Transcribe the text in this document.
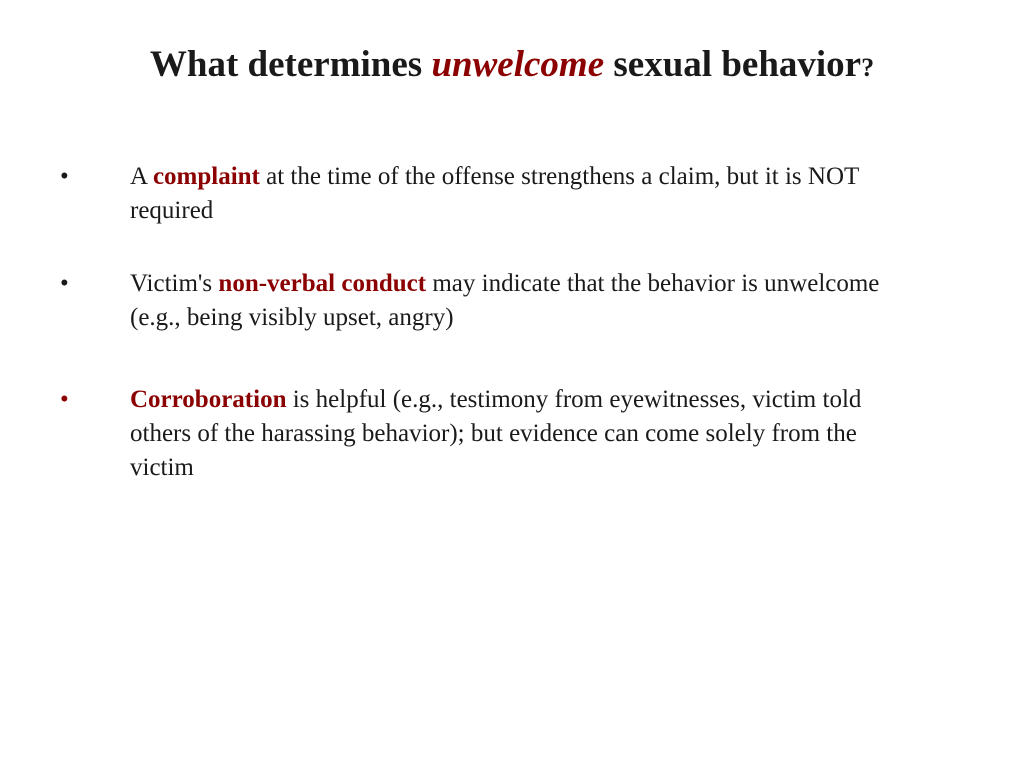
What determines unwelcome sexual behavior?
• A complaint at the time of the offense strengthens a claim, but it is NOT required
• Victim's non-verbal conduct may indicate that the behavior is unwelcome (e.g., being visibly upset, angry)
• Corroboration is helpful (e.g., testimony from eyewitnesses, victim told others of the harassing behavior); but evidence can come solely from the victim
